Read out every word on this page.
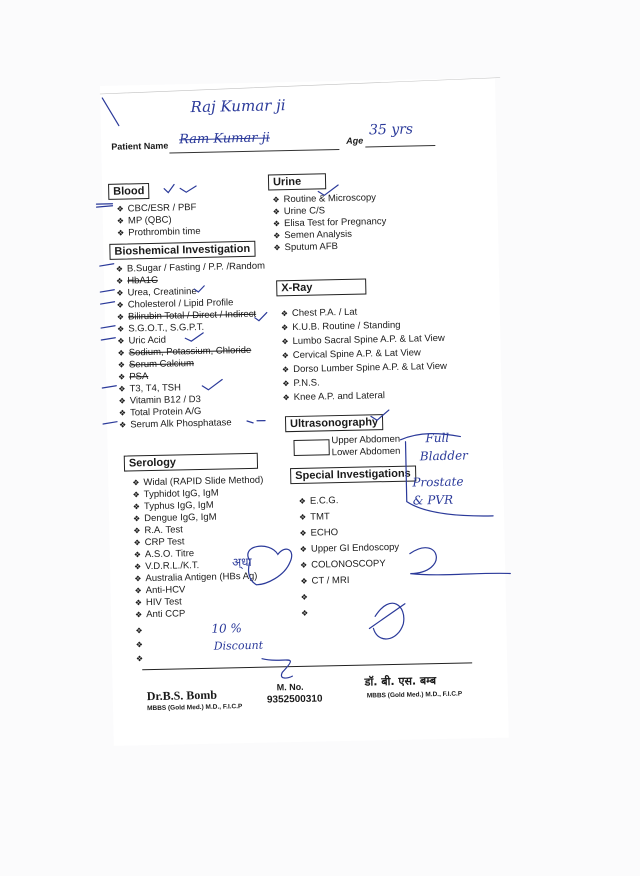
Raj Kumar ji
Patient Name Ram Kumar ji	Age
35 yrs
Blood
❖ CBC/ESR / PBF
❖ MP (QBC)
❖ Prothrombin time
Bioshemical Investigation
❖ B.Sugar / Fasting / P.P. /Random
❖ HbA1C
❖ Urea, Creatinine
❖ Cholesterol / Lipid Profile
❖ Bilirubin Total / Direct / Indirect
❖ S.G.O.T., S.G.P.T.
❖ Uric Acid
❖ Sodium, Potassium, Chloride
❖ Serum Calcium
❖ PSA
❖ T3, T4, TSH
❖ Vitamin B12 / D3
❖ Total Protein A/G
❖ Serum Alk Phosphatase
Serology
❖ Widal (RAPID Slide Method)
❖ Typhidot IgG, IgM
❖ Typhus IgG, IgM
❖ Dengue IgG, IgM
❖ R.A. Test
❖ CRP Test
❖ A.S.O. Titre
❖ V.D.R.L./K.T.
❖ Australia Antigen (HBs Ag)
❖ Anti-HCV
❖ HIV Test
❖ Anti CCP
❖
❖
❖
Urine
❖ Routine & Microscopy
❖ Urine C/S
❖ Elisa Test for Pregnancy
❖ Semen Analysis
❖ Sputum AFB
X-Ray
❖ Chest P.A. / Lat
❖ K.U.B. Routine / Standing
❖ Lumbo Sacral Spine A.P. & Lat View
❖ Cervical Spine A.P. & Lat View
❖ Dorso Lumber Spine A.P. & Lat View
❖ P.N.S.
❖ Knee A.P. and Lateral
Ultrasonography
Upper Abdomen
Lower Abdomen
Special Investigations
❖ E.C.G.
❖ TMT
❖ ECHO
❖ Upper GI Endoscopy
❖ COLONOSCOPY
❖ CT / MRI
❖
❖
Full
Bladder
Prostate
& PVR
10 %
Discount
अ्धा
Dr.B.S. Bomb
MBBS (Gold Med.) M.D., F.I.C.P
M. No.
9352500310
डॉ. बी. एस. बम्ब
MBBS (Gold Med.) M.D., F.I.C.P
